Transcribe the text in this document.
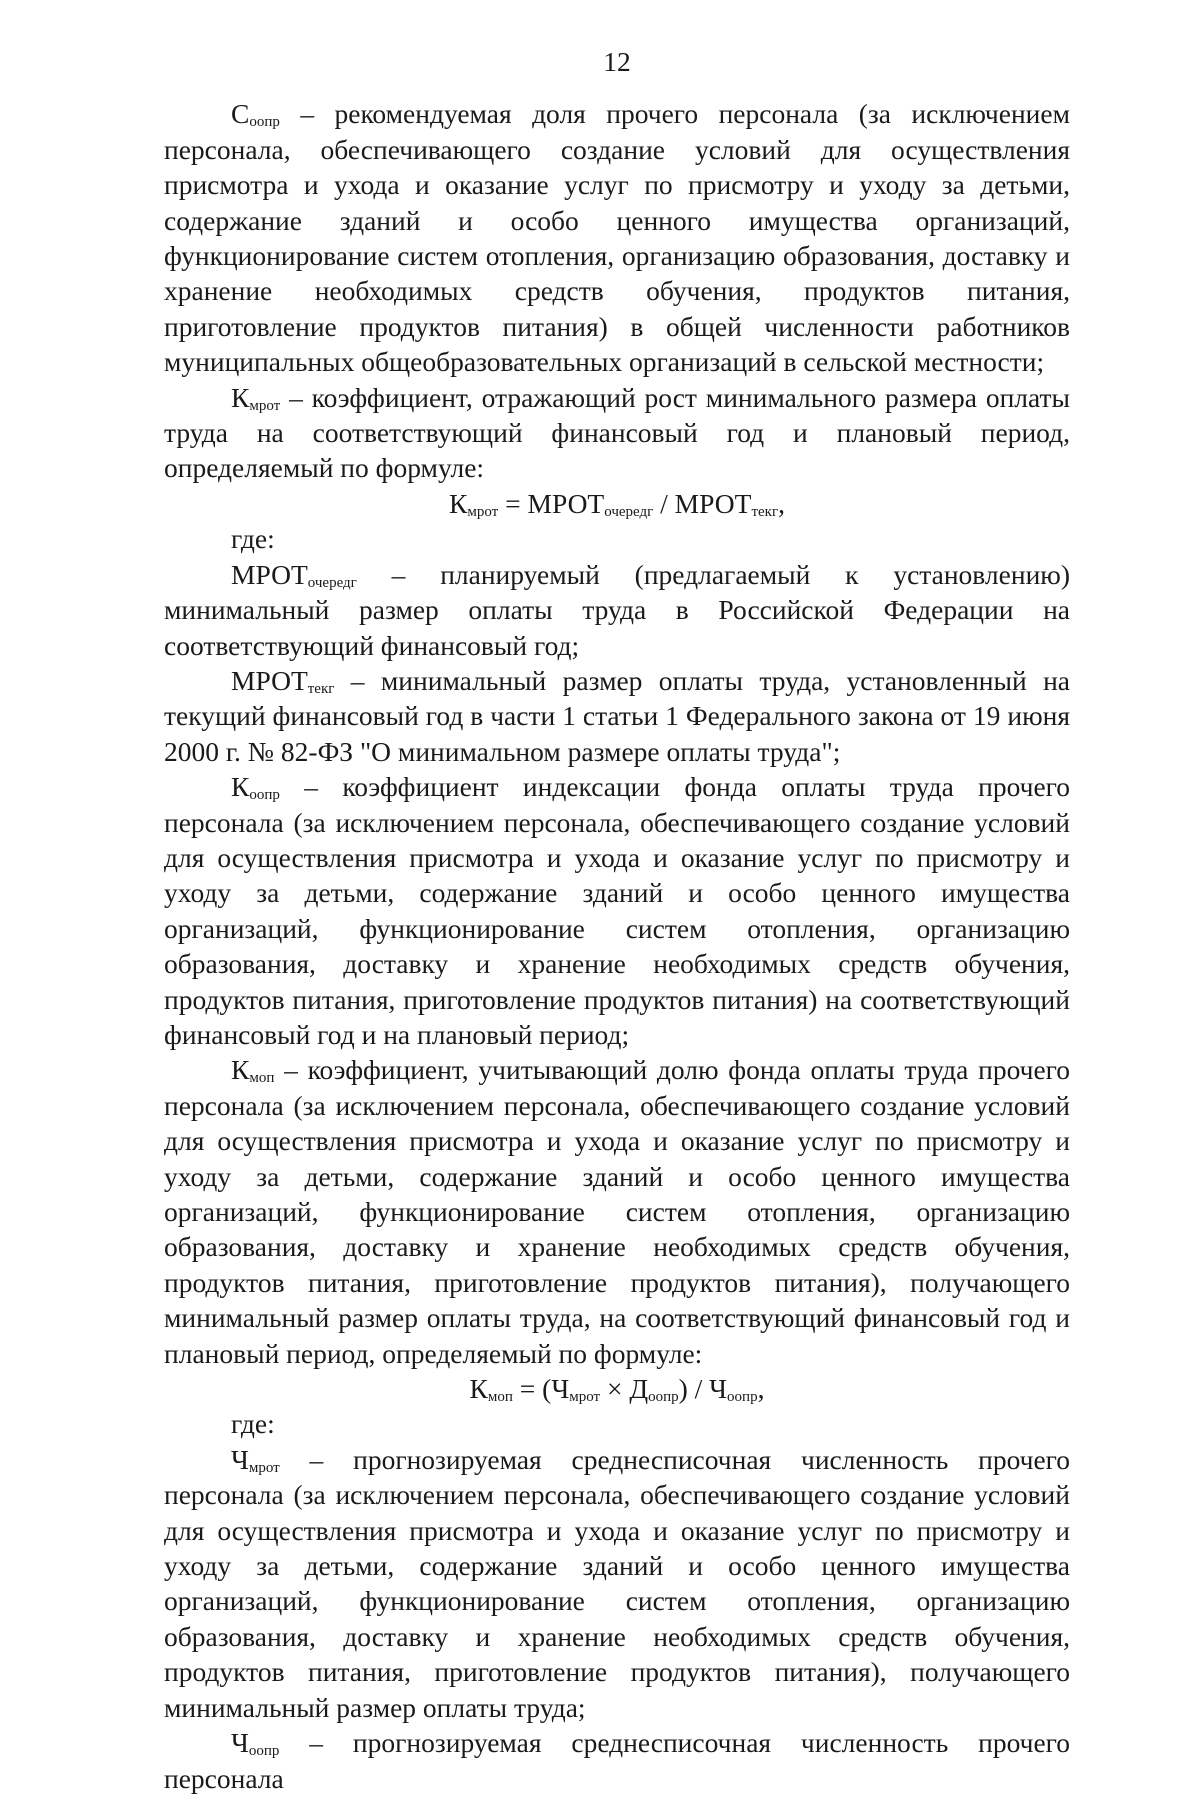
12

$С_{оопр}$ – рекомендуемая доля прочего персонала (за исключением персонала, обеспечивающего создание условий для осуществления присмотра и ухода и оказание услуг по присмотру и уходу за детьми, содержание зданий и особо ценного имущества организаций, функционирование систем отопления, организацию образования, доставку и хранение необходимых средств обучения, продуктов питания, приготовление продуктов питания) в общей численности работников муниципальных общеобразовательных организаций в сельской местности;

$К_{мрот}$ – коэффициент, отражающий рост минимального размера оплаты труда на соответствующий финансовый год и плановый период, определяемый по формуле:

$К_{мрот}$ = $МРОТ_{очередг}$ / $МРОТ_{текг}$,

где:

$МРОТ_{очередг}$ – планируемый (предлагаемый к установлению) минимальный размер оплаты труда в Российской Федерации на соответствующий финансовый год;

$МРОТ_{текг}$ – минимальный размер оплаты труда, установленный на текущий финансовый год в части 1 статьи 1 Федерального закона от 19 июня 2000 г. № 82-ФЗ "О минимальном размере оплаты труда";

$К_{оопр}$ – коэффициент индексации фонда оплаты труда прочего персонала (за исключением персонала, обеспечивающего создание условий для осуществления присмотра и ухода и оказание услуг по присмотру и уходу за детьми, содержание зданий и особо ценного имущества организаций, функционирование систем отопления, организацию образования, доставку и хранение необходимых средств обучения, продуктов питания, приготовление продуктов питания) на соответствующий финансовый год и на плановый период;

$К_{моп}$ – коэффициент, учитывающий долю фонда оплаты труда прочего персонала (за исключением персонала, обеспечивающего создание условий для осуществления присмотра и ухода и оказание услуг по присмотру и уходу за детьми, содержание зданий и особо ценного имущества организаций, функционирование систем отопления, организацию образования, доставку и хранение необходимых средств обучения, продуктов питания, приготовление продуктов питания), получающего минимальный размер оплаты труда, на соответствующий финансовый год и плановый период, определяемый по формуле:

$К_{моп} = (Ч_{мрот} \times Д_{оопр}) / Ч_{оопр}$,

где:

$Ч_{мрот}$ – прогнозируемая среднесписочная численность прочего персонала (за исключением персонала, обеспечивающего создание условий для осуществления присмотра и ухода и оказание услуг по присмотру и уходу за детьми, содержание зданий и особо ценного имущества организаций, функционирование систем отопления, организацию образования, доставку и хранение необходимых средств обучения, продуктов питания, приготовление продуктов питания), получающего минимальный размер оплаты труда;

$Ч_{оопр}$ – прогнозируемая среднесписочная численность прочего персонала
